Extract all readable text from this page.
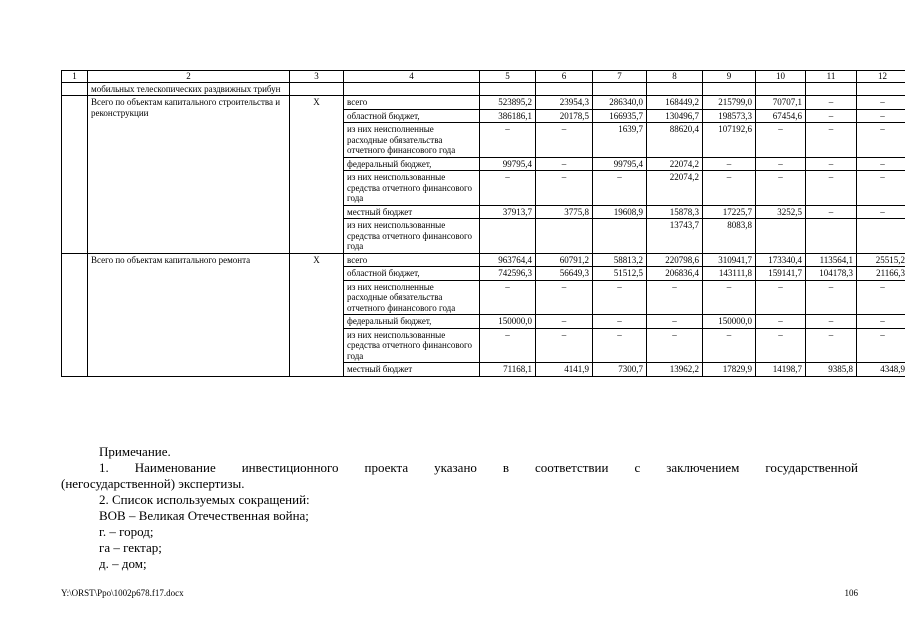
1	2	3	4	5	6	7	8	9	10	11	12
	мобильных телескопических раздвижных трибун										
	Всего по объектам капитального строительства и реконструкции	Х	всего	523895,2	23954,3	286340,0	168449,2	215799,0	70707,1	–	–
			областной бюджет,	386186,1	20178,5	166935,7	130496,7	198573,3	67454,6	–	–
			из них неисполненные расходные обязательства отчетного финансового года	–	–	1639,7	88620,4	107192,6	–	–	–
			федеральный бюджет,	99795,4	–	99795,4	22074,2	–	–	–	–
			из них неиспользованные средства отчетного финансового года	–	–	–	22074,2	–	–	–	–
			местный бюджет	37913,7	3775,8	19608,9	15878,3	17225,7	3252,5	–	–
			из них неиспользованные средства отчетного финансового года				13743,7	8083,8			
	Всего по объектам капитального ремонта	Х	всего	963764,4	60791,2	58813,2	220798,6	310941,7	173340,4	113564,1	25515,2
			областной бюджет,	742596,3	56649,3	51512,5	206836,4	143111,8	159141,7	104178,3	21166,3
			из них неисполненные расходные обязательства отчетного финансового года	–	–	–	–	–	–	–	–
			федеральный бюджет,	150000,0	–	–	–	150000,0	–	–	–
			из них неиспользованные средства отчетного финансового года	–	–	–	–	–	–	–	–
			местный бюджет	71168,1	4141,9	7300,7	13962,2	17829,9	14198,7	9385,8	4348,9

Примечание.

1. Наименование инвестиционного проекта указано в соответствии с заключением государственной

(негосударственной) экспертизы.

2. Список используемых сокращений:

ВОВ – Великая Отечественная война;

г. – город;

га – гектар;

д. – дом;

Y:\ORST\Ppo\1002p678.f17.docx	106
